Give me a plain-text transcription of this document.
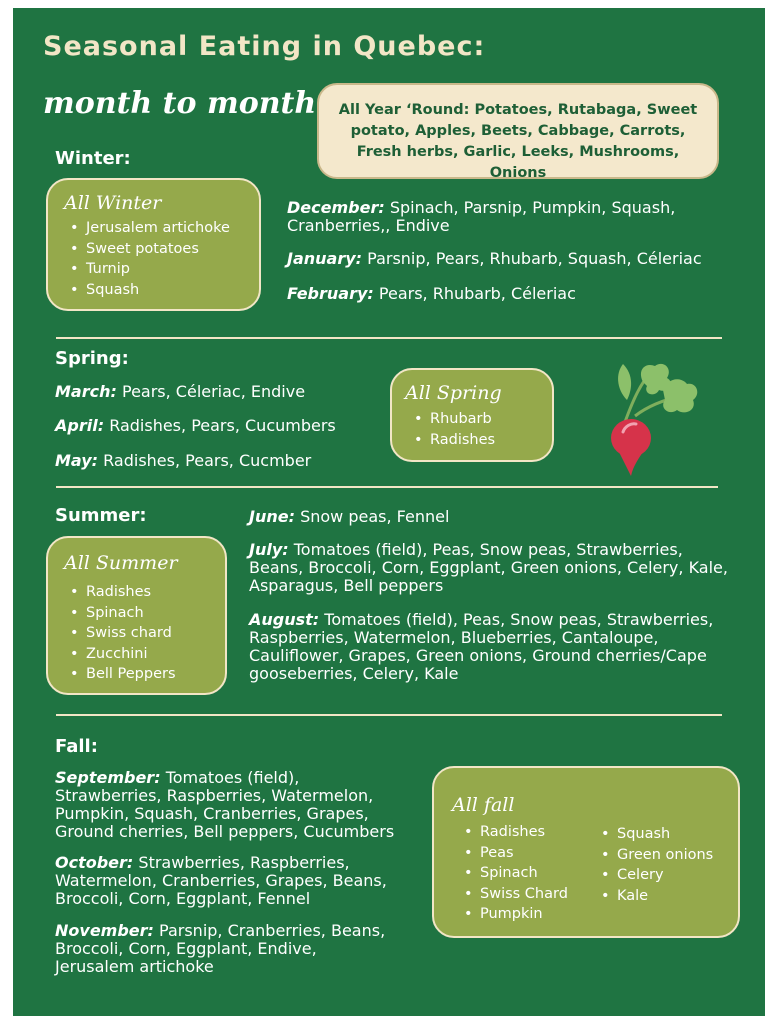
Seasonal Eating in Quebec:
month to month	All Year ‘Round: Potatoes, Rutabaga, Sweet potato, Apples, Beets, Cabbage, Carrots, Fresh herbs, Garlic, Leeks, Mushrooms, Onions
Winter:
All Winter
• Jerusalem artichoke
• Sweet potatoes
• Turnip
• Squash
December: Spinach, Parsnip, Pumpkin, Squash, Cranberries,, Endive
January: Parsnip, Pears, Rhubarb, Squash, Céleriac
February: Pears, Rhubarb, Céleriac
Spring:
March: Pears, Céleriac, Endive
April: Radishes, Pears, Cucumbers
May: Radishes, Pears, Cucmber
All Spring
• Rhubarb
• Radishes
Summer:
All Summer
• Radishes
• Spinach
• Swiss chard
• Zucchini
• Bell Peppers
June: Snow peas, Fennel
July: Tomatoes (field), Peas, Snow peas, Strawberries, Beans, Broccoli, Corn, Eggplant, Green onions, Celery, Kale, Asparagus, Bell peppers
August: Tomatoes (field), Peas, Snow peas, Strawberries, Raspberries, Watermelon, Blueberries, Cantaloupe, Cauliflower, Grapes, Green onions, Ground cherries/Cape gooseberries, Celery, Kale
Fall:
September: Tomatoes (field), Strawberries, Raspberries, Watermelon, Pumpkin, Squash, Cranberries, Grapes, Ground cherries, Bell peppers, Cucumbers
October: Strawberries, Raspberries, Watermelon, Cranberries, Grapes, Beans, Broccoli, Corn, Eggplant, Fennel
November: Parsnip, Cranberries, Beans, Broccoli, Corn, Eggplant, Endive, Jerusalem artichoke
All fall
• Radishes
• Peas
• Spinach
• Swiss Chard
• Pumpkin
• Squash
• Green onions
• Celery
• Kale
